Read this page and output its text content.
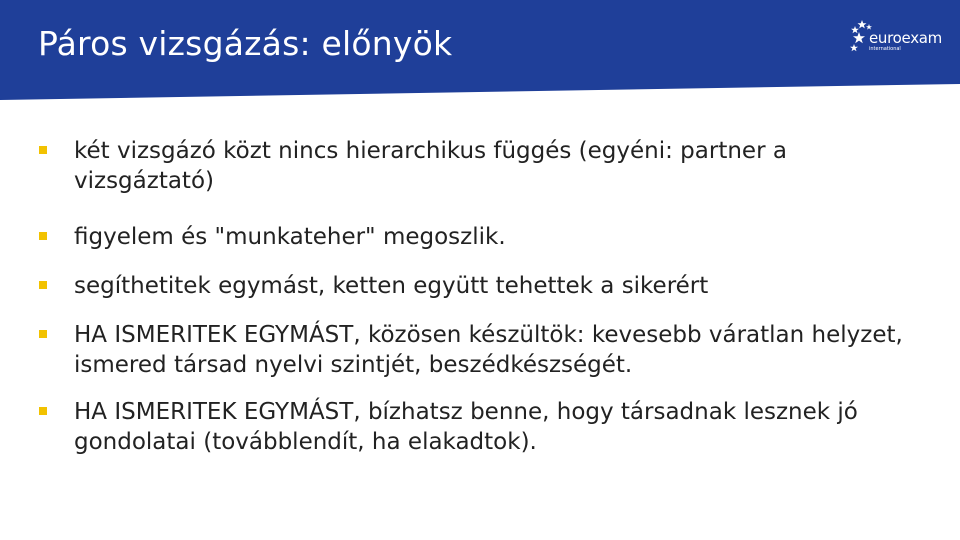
Páros vizsgázás: előnyök	euroexam
international
két vizsgázó közt nincs hierarchikus függés (egyéni: partner a vizsgáztató)
figyelem és "munkateher" megoszlik.
segíthetitek egymást, ketten együtt tehettek a sikerért
HA ISMERITEK EGYMÁST, közösen készültök: kevesebb váratlan helyzet, ismered társad nyelvi szintjét, beszédkészségét.
HA ISMERITEK EGYMÁST, bízhatsz benne, hogy társadnak lesznek jó gondolatai (továbblendít, ha elakadtok).
